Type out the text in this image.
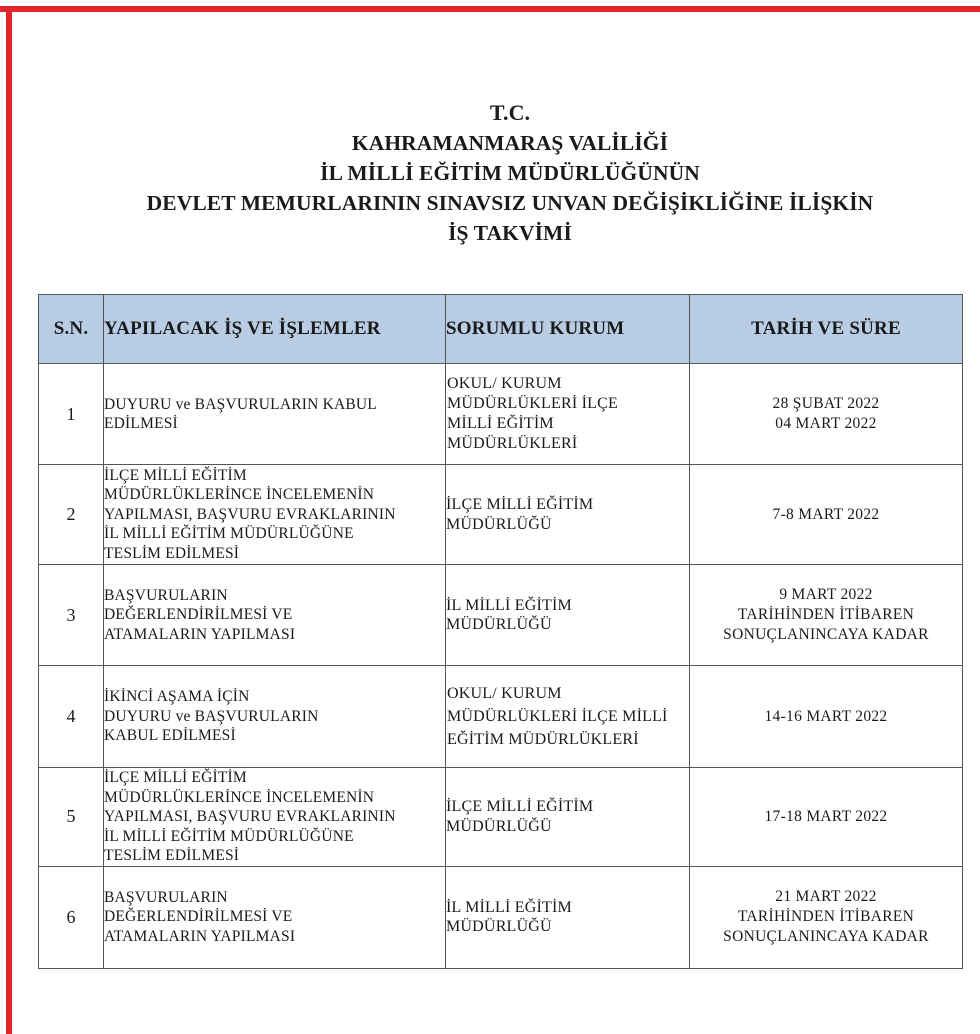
T.C.
KAHRAMANMARAŞ VALİLİĞİ
İL MİLLİ EĞİTİM MÜDÜRLÜĞÜNÜN
DEVLET MEMURLARININ SINAVSIZ UNVAN DEĞİŞİKLİĞİNE İLİŞKİN
İŞ TAKVİMİ
S.N.	YAPILACAK İŞ VE İŞLEMLER	SORUMLU KURUM	TARİH VE SÜRE
1	DUYURU ve BAŞVURULARIN KABUL
EDİLMESİ	OKUL/ KURUM
MÜDÜRLÜKLERİ İLÇE
MİLLİ EĞİTİM
MÜDÜRLÜKLERİ	28 ŞUBAT 2022
04 MART 2022

2	İLÇE MİLLİ EĞİTİM
MÜDÜRLÜKLERİNCE İNCELEMENİN
YAPILMASI, BAŞVURU EVRAKLARININ
İL MİLLİ EĞİTİM MÜDÜRLÜĞÜNE
TESLİM EDİLMESİ	İLÇE MİLLİ EĞİTİM
MÜDÜRLÜĞÜ	7-8 MART 2022

3	BAŞVURULARIN
DEĞERLENDİRİLMESİ VE
ATAMALARIN YAPILMASI	İL MİLLİ EĞİTİM
MÜDÜRLÜĞÜ	9 MART 2022
TARİHİNDEN İTİBAREN
SONUÇLANINCAYA KADAR

4	İKİNCİ AŞAMA İÇİN
DUYURU ve BAŞVURULARIN
KABUL EDİLMESİ	OKUL/ KURUM
MÜDÜRLÜKLERİ İLÇE MİLLİ
EĞİTİM MÜDÜRLÜKLERİ	14-16 MART 2022

5	İLÇE MİLLİ EĞİTİM
MÜDÜRLÜKLERİNCE İNCELEMENİN
YAPILMASI, BAŞVURU EVRAKLARININ
İL MİLLİ EĞİTİM MÜDÜRLÜĞÜNE
TESLİM EDİLMESİ	İLÇE MİLLİ EĞİTİM
MÜDÜRLÜĞÜ	17-18 MART 2022

6	BAŞVURULARIN
DEĞERLENDİRİLMESİ VE
ATAMALARIN YAPILMASI	İL MİLLİ EĞİTİM
MÜDÜRLÜĞÜ	21 MART 2022
TARİHİNDEN İTİBAREN
SONUÇLANINCAYA KADAR
